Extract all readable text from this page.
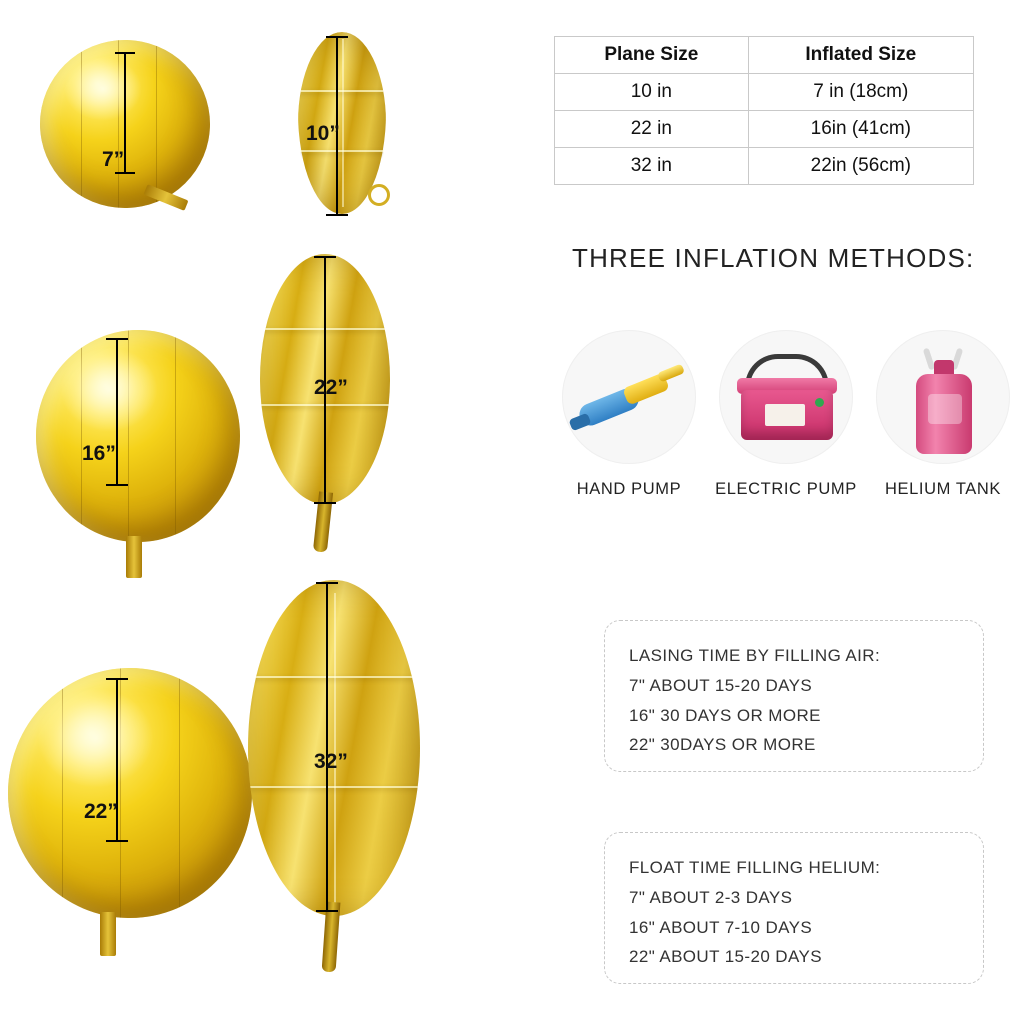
7”
10”
16”
22”
22”
32”
Plane Size	Inflated Size
10 in	7 in (18cm)
22 in	16in (41cm)
32 in	22in (56cm)
THREE INFLATION METHODS:
HAND PUMP	ELECTRIC PUMP	HELIUM TANK
LASING TIME BY FILLING AIR:
7" ABOUT 15-20 DAYS
16" 30 DAYS OR MORE
22" 30DAYS OR MORE
FLOAT TIME FILLING HELIUM:
7" ABOUT 2-3 DAYS
16" ABOUT 7-10 DAYS
22" ABOUT 15-20 DAYS
